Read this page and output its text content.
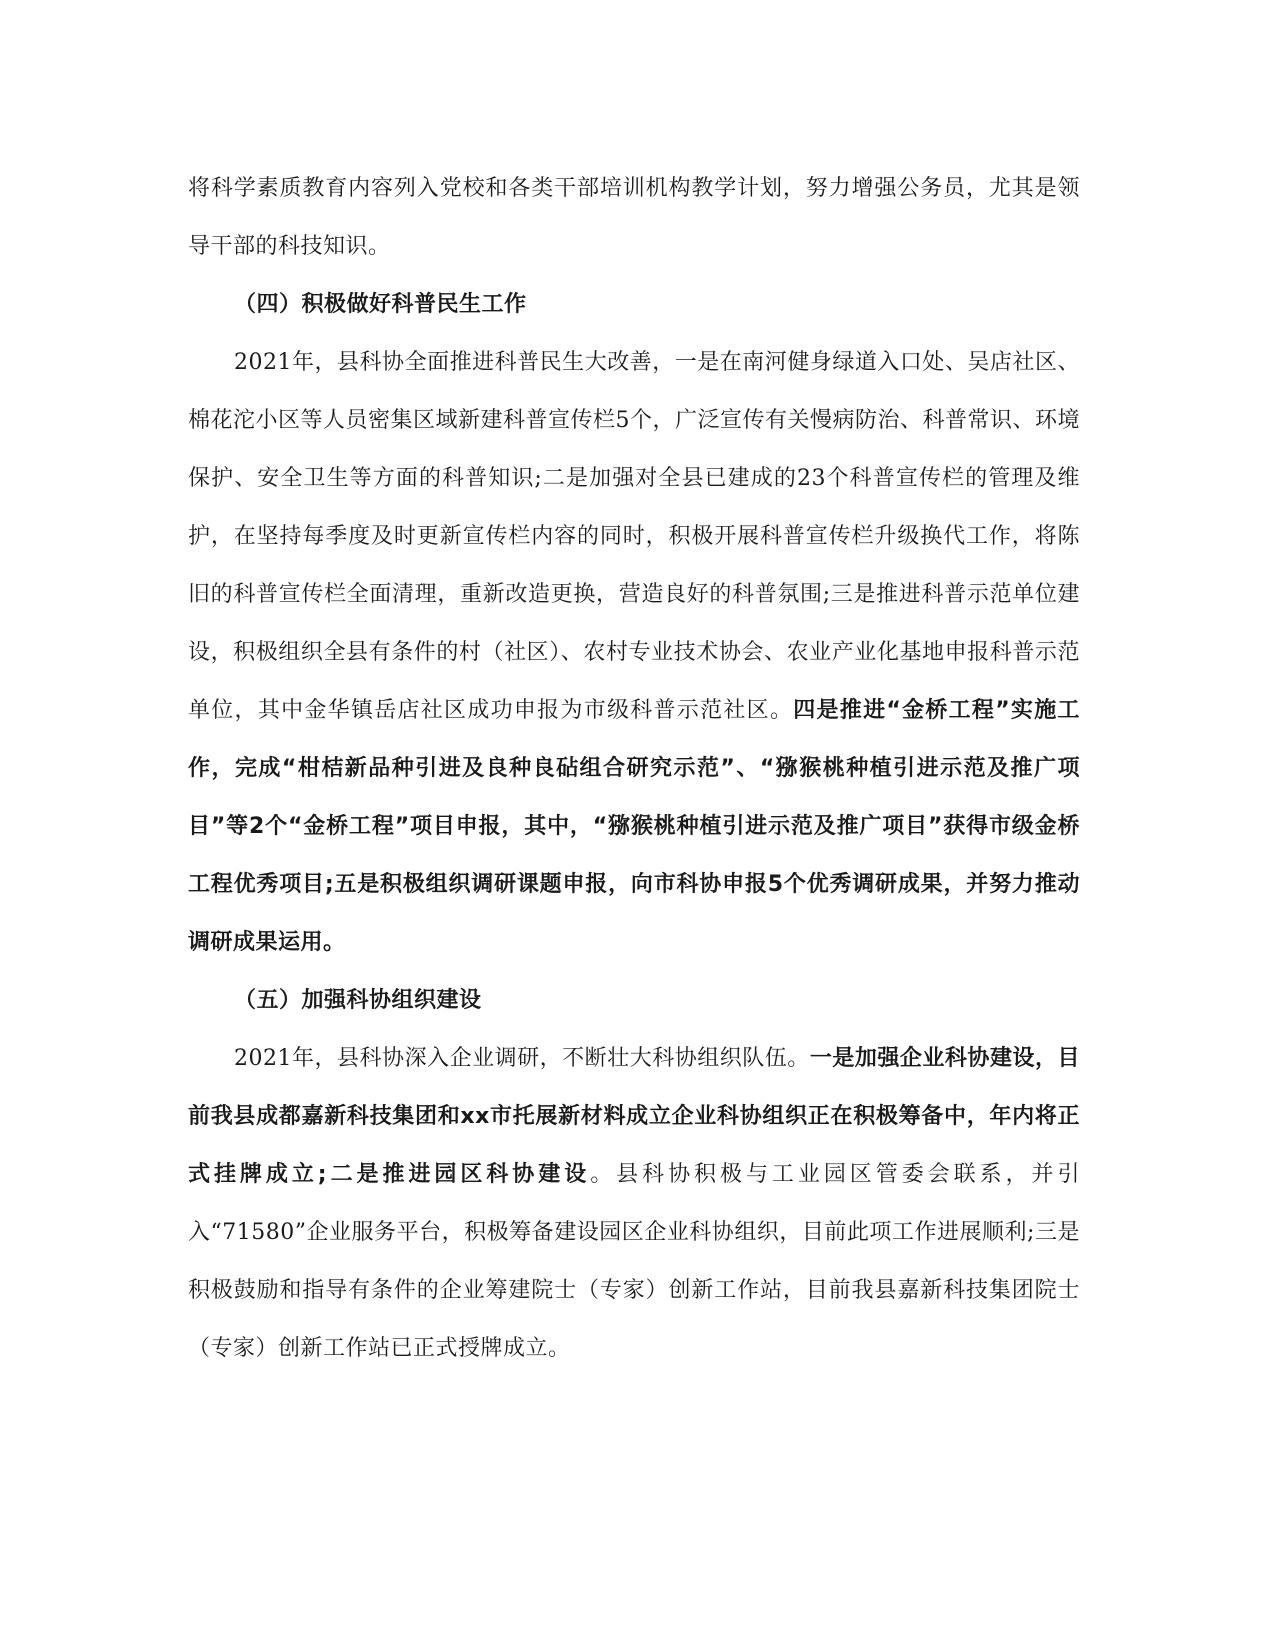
将科学素质教育内容列入党校和各类干部培训机构教学计划，努力增强公务员，尤其是领导干部的科技知识。

（四）积极做好科普民生工作

2021年，县科协全面推进科普民生大改善，一是在南河健身绿道入口处、吴店社区、棉花沱小区等人员密集区域新建科普宣传栏5个，广泛宣传有关慢病防治、科普常识、环境保护、安全卫生等方面的科普知识;二是加强对全县已建成的23个科普宣传栏的管理及维护，在坚持每季度及时更新宣传栏内容的同时，积极开展科普宣传栏升级换代工作，将陈旧的科普宣传栏全面清理，重新改造更换，营造良好的科普氛围;三是推进科普示范单位建设，积极组织全县有条件的村（社区）、农村专业技术协会、农业产业化基地申报科普示范单位，其中金华镇岳店社区成功申报为市级科普示范社区。四是推进“金桥工程”实施工作，完成“柑桔新品种引进及良种良砧组合研究示范”、“猕猴桃种植引进示范及推广项目”等2个“金桥工程”项目申报，其中，“猕猴桃种植引进示范及推广项目”获得市级金桥工程优秀项目;五是积极组织调研课题申报，向市科协申报5个优秀调研成果，并努力推动调研成果运用。

（五）加强科协组织建设

2021年，县科协深入企业调研，不断壮大科协组织队伍。一是加强企业科协建设，目前我县成都嘉新科技集团和xx市托展新材料成立企业科协组织正在积极筹备中，年内将正式挂牌成立;二是推进园区科协建设。县科协积极与工业园区管委会联系，并引入“71580”企业服务平台，积极筹备建设园区企业科协组织，目前此项工作进展顺利;三是积极鼓励和指导有条件的企业筹建院士（专家）创新工作站，目前我县嘉新科技集团院士（专家）创新工作站已正式授牌成立。
